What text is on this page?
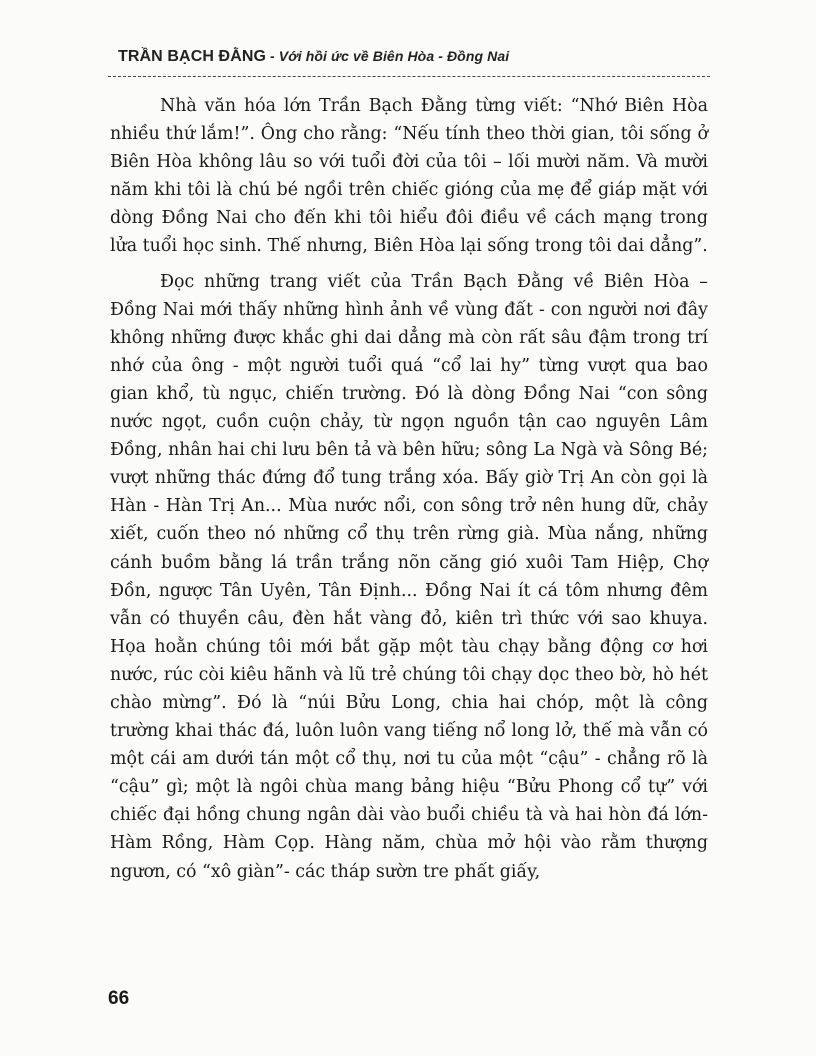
TRẦN BẠCH ĐẰNG - Với hồi ức về Biên Hòa - Đồng Nai

Nhà văn hóa lớn Trần Bạch Đằng từng viết: “Nhớ Biên Hòa nhiều thứ lắm!”. Ông cho rằng: “Nếu tính theo thời gian, tôi sống ở Biên Hòa không lâu so với tuổi đời của tôi – lối mười năm. Và mười năm khi tôi là chú bé ngồi trên chiếc gióng của mẹ để giáp mặt với dòng Đồng Nai cho đến khi tôi hiểu đôi điều về cách mạng trong lửa tuổi học sinh. Thế nhưng, Biên Hòa lại sống trong tôi dai dẳng”.

Đọc những trang viết của Trần Bạch Đằng về Biên Hòa – Đồng Nai mới thấy những hình ảnh về vùng đất - con người nơi đây không những được khắc ghi dai dẳng mà còn rất sâu đậm trong trí nhớ của ông - một người tuổi quá “cổ lai hy” từng vượt qua bao gian khổ, tù ngục, chiến trường. Đó là dòng Đồng Nai “con sông nước ngọt, cuồn cuộn chảy, từ ngọn nguồn tận cao nguyên Lâm Đồng, nhân hai chi lưu bên tả và bên hữu; sông La Ngà và Sông Bé; vượt những thác đứng đổ tung trắng xóa. Bấy giờ Trị An còn gọi là Hàn - Hàn Trị An... Mùa nước nổi, con sông trở nên hung dữ, chảy xiết, cuốn theo nó những cổ thụ trên rừng già. Mùa nắng, những cánh buồm bằng lá trần trắng nõn căng gió xuôi Tam Hiệp, Chợ Đồn, ngược Tân Uyên, Tân Định... Đồng Nai ít cá tôm nhưng đêm vẫn có thuyền câu, đèn hắt vàng đỏ, kiên trì thức với sao khuya. Họa hoằn chúng tôi mới bắt gặp một tàu chạy bằng động cơ hơi nước, rúc còi kiêu hãnh và lũ trẻ chúng tôi chạy dọc theo bờ, hò hét chào mừng”. Đó là “núi Bửu Long, chia hai chóp, một là công trường khai thác đá, luôn luôn vang tiếng nổ long lở, thế mà vẫn có một cái am dưới tán một cổ thụ, nơi tu của một “cậu” - chẳng rõ là “cậu” gì; một là ngôi chùa mang bảng hiệu “Bửu Phong cổ tự” với chiếc đại hồng chung ngân dài vào buổi chiều tà và hai hòn đá lớn- Hàm Rồng, Hàm Cọp. Hàng năm, chùa mở hội vào rằm thượng ngươn, có “xô giàn”- các tháp sườn tre phất giấy,

66
